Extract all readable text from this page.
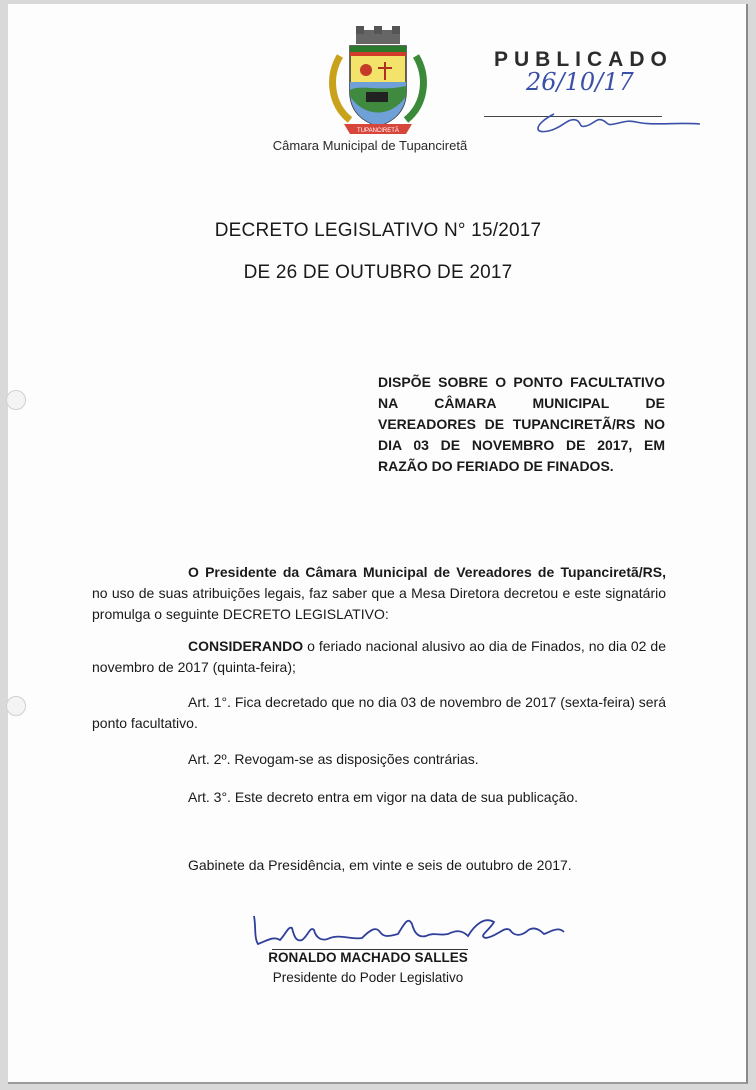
TUPANCIRETÃ
Câmara Municipal de Tupanciretã
PUBLICADO
26/10/17
DECRETO LEGISLATIVO N° 15/2017
DE 26 DE OUTUBRO DE 2017
DISPÕE SOBRE O PONTO FACULTATIVO NA CÂMARA MUNICIPAL DE VEREADORES DE TUPANCIRETÃ/RS NO DIA 03 DE NOVEMBRO DE 2017, EM RAZÃO DO FERIADO DE FINADOS.
O Presidente da Câmara Municipal de Vereadores de Tupanciretã/RS, no uso de suas atribuições legais, faz saber que a Mesa Diretora decretou e este signatário promulga o seguinte DECRETO LEGISLATIVO:
CONSIDERANDO o feriado nacional alusivo ao dia de Finados, no dia 02 de novembro de 2017 (quinta-feira);
Art. 1°. Fica decretado que no dia 03 de novembro de 2017 (sexta-feira) será ponto facultativo.
Art. 2º. Revogam-se as disposições contrárias.
Art. 3°. Este decreto entra em vigor na data de sua publicação.
Gabinete da Presidência, em vinte e seis de outubro de 2017.
RONALDO MACHADO SALLES
Presidente do Poder Legislativo
